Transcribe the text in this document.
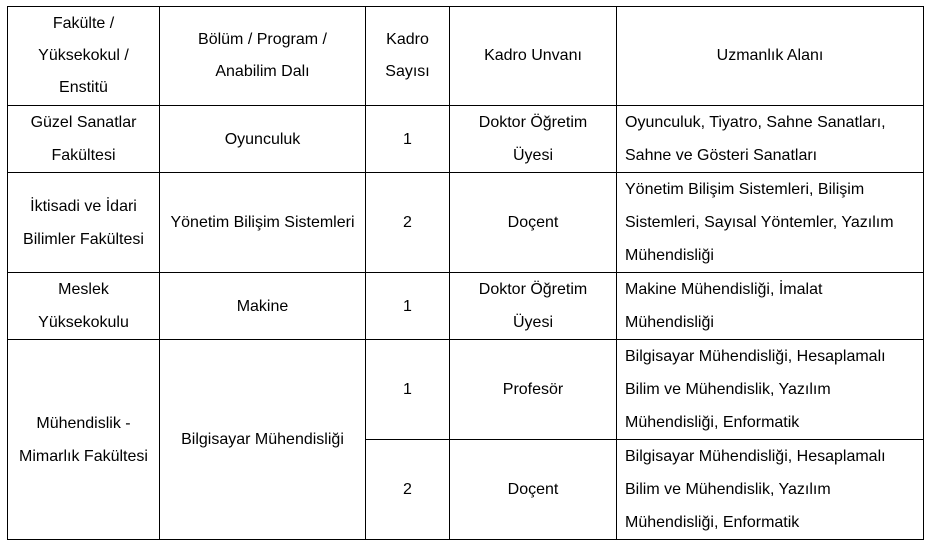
Fakülte / Yüksekokul / Enstitü	Bölüm / Program / Anabilim Dalı	Kadro Sayısı	Kadro Unvanı	Uzmanlık Alanı
Güzel Sanatlar Fakültesi	Oyunculuk	1	Doktor Öğretim Üyesi	Oyunculuk, Tiyatro, Sahne Sanatları, Sahne ve Gösteri Sanatları
İktisadi ve İdari Bilimler Fakültesi	Yönetim Bilişim Sistemleri	2	Doçent	Yönetim Bilişim Sistemleri, Bilişim Sistemleri, Sayısal Yöntemler, Yazılım Mühendisliği
Meslek Yüksekokulu	Makine	1	Doktor Öğretim Üyesi	Makine Mühendisliği, İmalat Mühendisliği
Mühendislik - Mimarlık Fakültesi	Bilgisayar Mühendisliği	1	Profesör	Bilgisayar Mühendisliği, Hesaplamalı Bilim ve Mühendislik, Yazılım Mühendisliği, Enformatik
		2	Doçent	Bilgisayar Mühendisliği, Hesaplamalı Bilim ve Mühendislik, Yazılım Mühendisliği, Enformatik
